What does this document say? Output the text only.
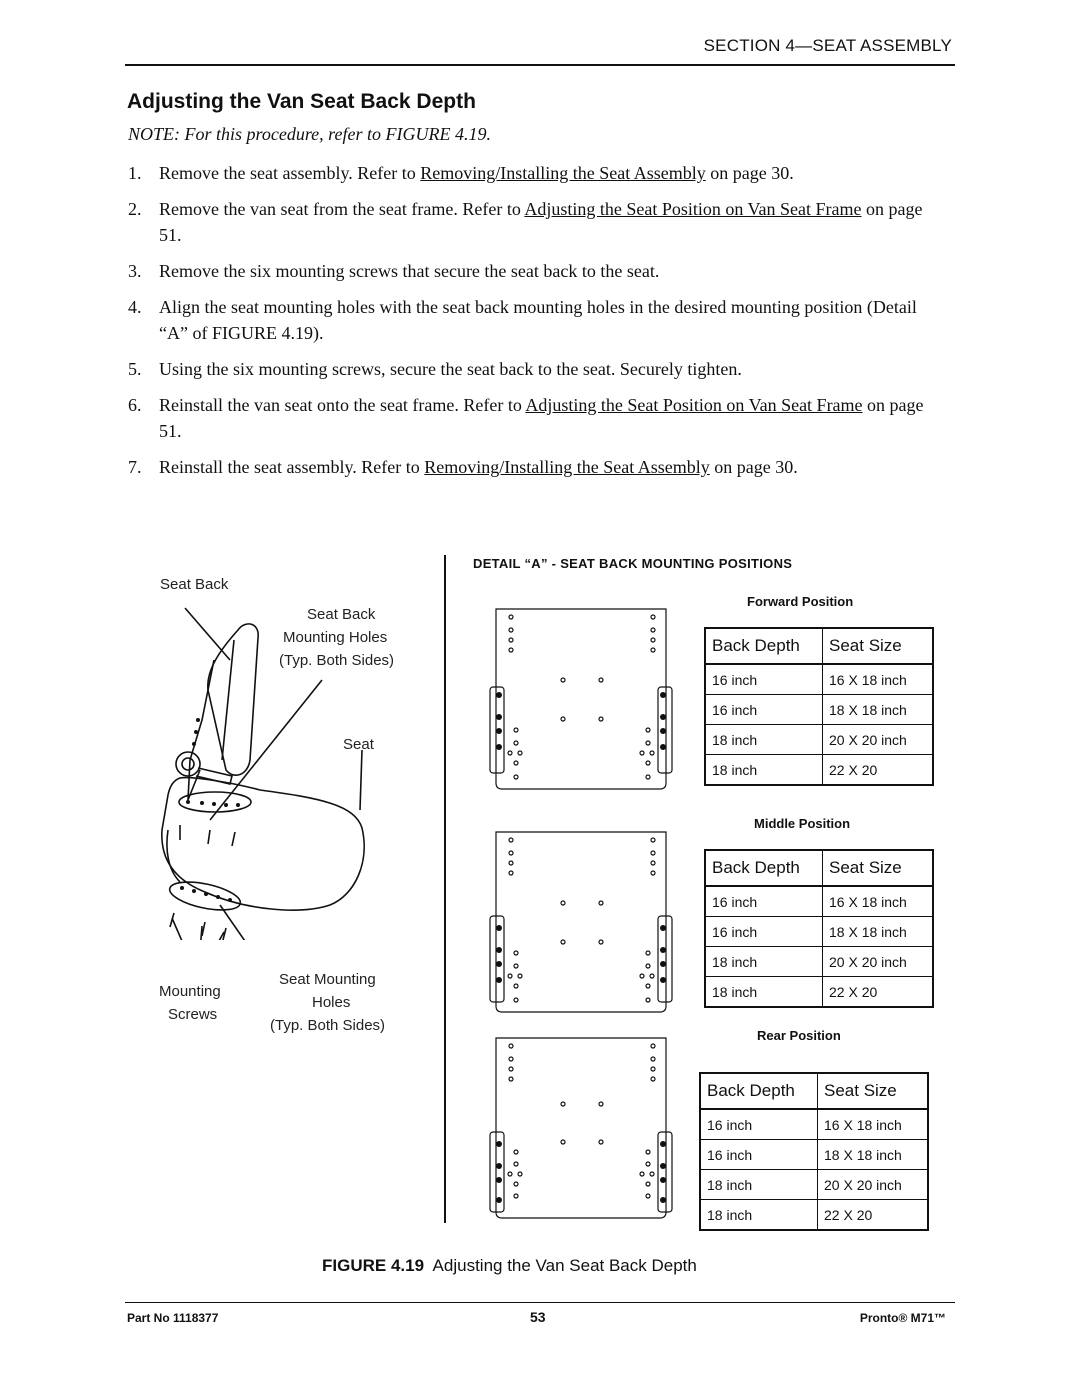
SECTION 4—SEAT ASSEMBLY
Adjusting the Van Seat Back Depth
NOTE: For this procedure, refer to FIGURE 4.19.
1. Remove the seat assembly. Refer to Removing/Installing the Seat Assembly on page 30.
2. Remove the van seat from the seat frame. Refer to Adjusting the Seat Position on Van Seat Frame on page 51.
3. Remove the six mounting screws that secure the seat back to the seat.
4. Align the seat mounting holes with the seat back mounting holes in the desired mounting position (Detail “A” of FIGURE 4.19).
5. Using the six mounting screws, secure the seat back to the seat. Securely tighten.
6. Reinstall the van seat onto the seat frame. Refer to Adjusting the Seat Position on Van Seat Frame on page 51.
7. Reinstall the seat assembly. Refer to Removing/Installing the Seat Assembly on page 30.
Seat Back
Seat Back
Mounting Holes
(Typ. Both Sides)
Seat
Mounting
Screws
Seat Mounting
Holes
(Typ. Both Sides)
DETAIL “A” - SEAT BACK MOUNTING POSITIONS
Forward Position
Back Depth	Seat Size
16 inch	16 X 18 inch
16 inch	18 X 18 inch
18 inch	20 X 20 inch
18 inch	22 X 20
Middle Position
Back Depth	Seat Size
16 inch	16 X 18 inch
16 inch	18 X 18 inch
18 inch	20 X 20 inch
18 inch	22 X 20
Rear Position
Back Depth	Seat Size
16 inch	16 X 18 inch
16 inch	18 X 18 inch
18 inch	20 X 20 inch
18 inch	22 X 20
FIGURE 4.19 Adjusting the Van Seat Back Depth
Part No 1118377	53	Pronto® M71™
